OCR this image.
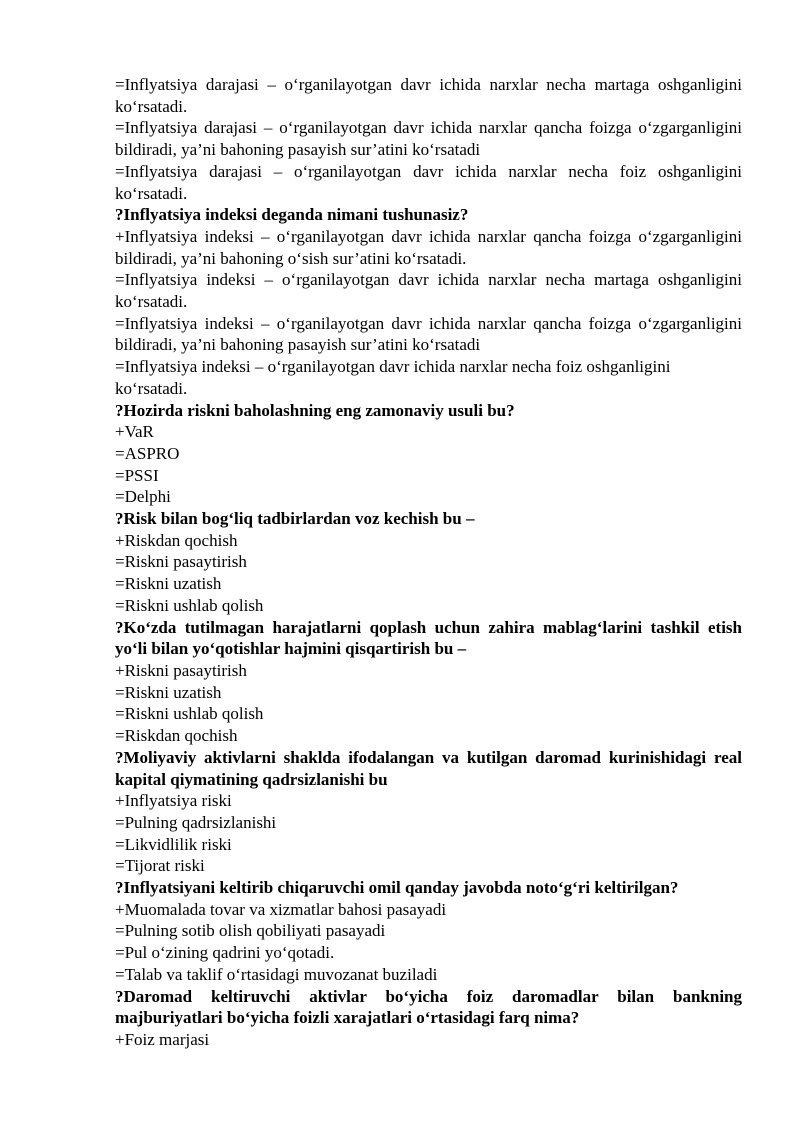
=Inflyatsiya darajasi – o‘rganilayotgan davr ichida narxlar necha martaga oshganligini ko‘rsatadi.

=Inflyatsiya darajasi – o‘rganilayotgan davr ichida narxlar qancha foizga o‘zgarganligini bildiradi, ya’ni bahoning pasayish sur’atini ko‘rsatadi

=Inflyatsiya darajasi – o‘rganilayotgan davr ichida narxlar necha foiz oshganligini ko‘rsatadi.

?Inflyatsiya indeksi deganda nimani tushunasiz?

+Inflyatsiya indeksi – o‘rganilayotgan davr ichida narxlar qancha foizga o‘zgarganligini bildiradi, ya’ni bahoning o‘sish sur’atini ko‘rsatadi.

=Inflyatsiya indeksi – o‘rganilayotgan davr ichida narxlar necha martaga oshganligini ko‘rsatadi.

=Inflyatsiya indeksi – o‘rganilayotgan davr ichida narxlar qancha foizga o‘zgarganligini bildiradi, ya’ni bahoning pasayish sur’atini ko‘rsatadi

=Inflyatsiya indeksi – o‘rganilayotgan davr ichida narxlar necha foiz oshganligini ko‘rsatadi.

?Hozirda riskni baholashning eng zamonaviy usuli bu?

+VaR

=ASPRO

=PSSI

=Delphi

?Risk bilan bog‘liq tadbirlardan voz kechish bu –

+Riskdan qochish

=Riskni pasaytirish

=Riskni uzatish

=Riskni ushlab qolish

?Ko‘zda tutilmagan harajatlarni qoplash uchun zahira mablag‘larini tashkil etish yo‘li bilan yo‘qotishlar hajmini qisqartirish bu –

+Riskni pasaytirish

=Riskni uzatish

=Riskni ushlab qolish

=Riskdan qochish

?Moliyaviy aktivlarni shaklda ifodalangan va kutilgan daromad kurinishidagi real kapital qiymatining qadrsizlanishi bu

+Inflyatsiya riski

=Pulning qadrsizlanishi

=Likvidlilik riski

=Tijorat riski

?Inflyatsiyani keltirib chiqaruvchi omil qanday javobda noto‘g‘ri keltirilgan?

+Muomalada tovar va xizmatlar bahosi pasayadi

=Pulning sotib olish qobiliyati pasayadi

=Pul o‘zining qadrini yo‘qotadi.

=Talab va taklif o‘rtasidagi muvozanat buziladi

?Daromad keltiruvchi aktivlar bo‘yicha foiz daromadlar bilan bankning majburiyatlari bo‘yicha foizli xarajatlari o‘rtasidagi farq nima?

+Foiz marjasi
